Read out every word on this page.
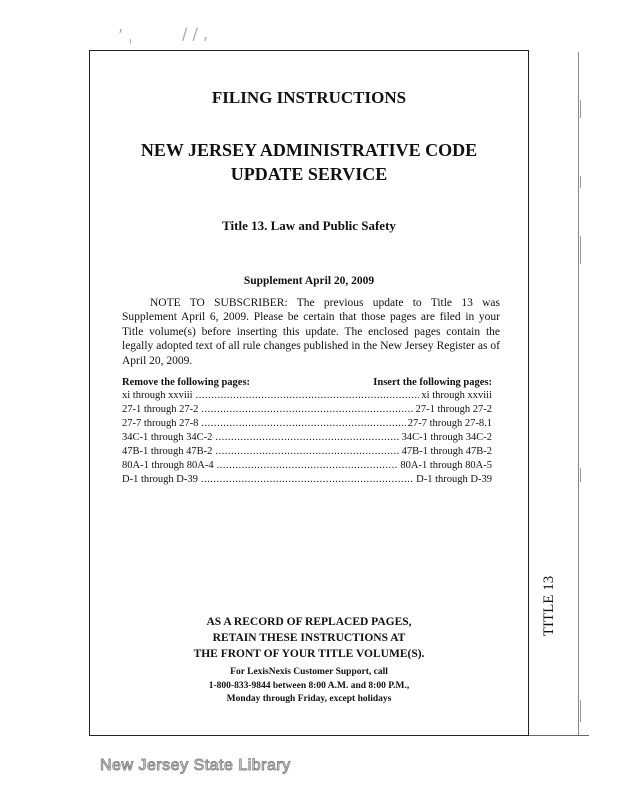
ʼ ˌ	/ / ,
FILING INSTRUCTIONS
NEW JERSEY ADMINISTRATIVE CODE
UPDATE SERVICE
Title 13. Law and Public Safety
Supplement April 20, 2009

NOTE TO SUBSCRIBER: The previous update to Title 13 was Supplement April 6, 2009. Please be certain that those pages are filed in your Title volume(s) before inserting this update. The enclosed pages contain the legally adopted text of all rule changes published in the New Jersey Register as of April 20, 2009.

Remove the following pages:	Insert the following pages:
xi through xxviii .....	xi through xxviii
27-1 through 27-2 .....	27-1 through 27-2
27-7 through 27-8 .....	27-7 through 27-8.1
34C-1 through 34C-2 .....	34C-1 through 34C-2
47B-1 through 47B-2 .....	47B-1 through 47B-2
80A-1 through 80A-4 .....	80A-1 through 80A-5
D-1 through D-39 .....	D-1 through D-39
AS A RECORD OF REPLACED PAGES,
RETAIN THESE INSTRUCTIONS AT
THE FRONT OF YOUR TITLE VOLUME(S).
For LexisNexis Customer Support, call
1-800-833-9844 between 8:00 A.M. and 8:00 P.M.,
Monday through Friday, except holidays
TITLE 13
New Jersey State Library
